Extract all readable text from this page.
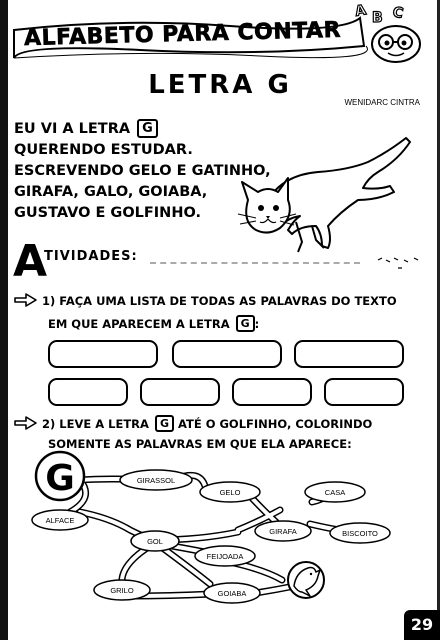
A B C
ALFABETO PARA CONTAR
LETRA G
WENIDARC CINTRA
EU VI A LETRA G
QUERENDO ESTUDAR.
ESCREVENDO GELO E GATINHO,
GIRAFA, GALO, GOIABA,
GUSTAVO E GOLFINHO.
A
TIVIDADES:
1) FAÇA UMA LISTA DE TODAS AS PALAVRAS DO TEXTO
EM QUE APARECEM A LETRA G :
2) LEVE A LETRA G ATÉ O GOLFINHO, COLORINDO
SOMENTE AS PALAVRAS EM QUE ELA APARECE:
G	GIRASSOL
GELO	CASA
ALFACE
GIRAFA	BISCOITO
GOL
FEIJOADA
GRILO	GOIABA
29
